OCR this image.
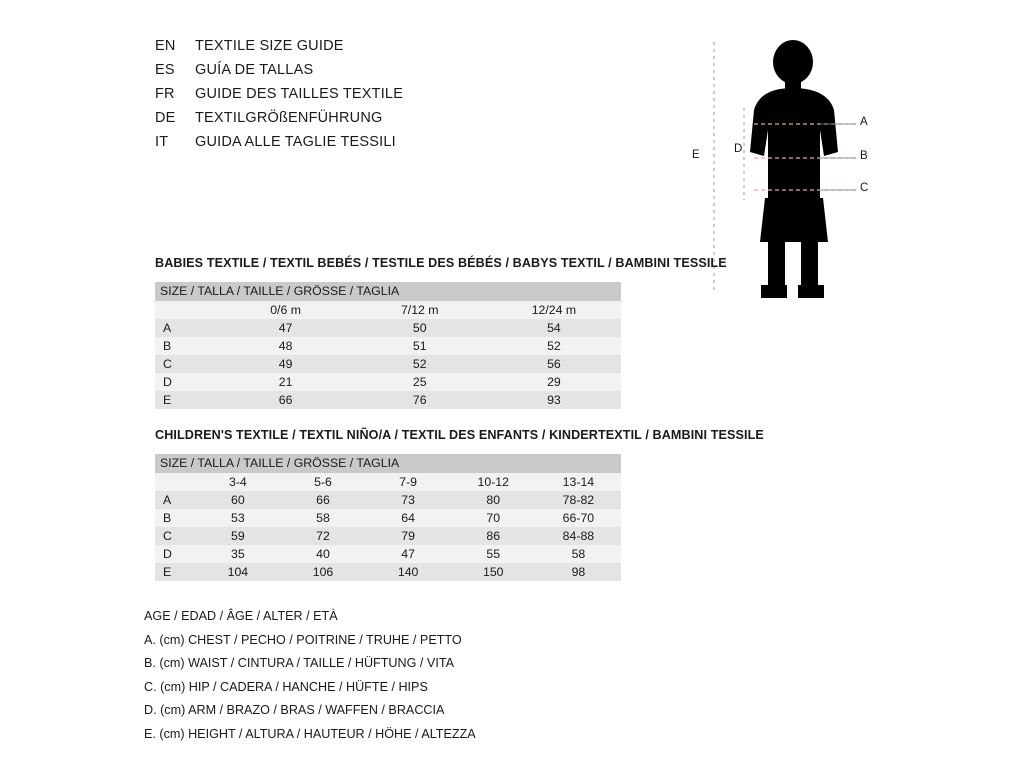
EN	TEXTILE SIZE GUIDE
ES	GUÍA DE TALLAS
FR	GUIDE DES TAILLES TEXTILE
DE	TEXTILGRÖßENFÜHRUNG
IT	GUIDA ALLE TAGLIE TESSILI
A
B
C
D
E
BABIES TEXTILE / TEXTIL BEBÉS / TESTILE DES BÉBÉS / BABYS TEXTIL / BAMBINI TESSILE
SIZE / TALLA / TAILLE / GRÖSSE / TAGLIA			
	0/6 m	7/12 m	12/24 m
A	47	50	54
B	48	51	52
C	49	52	56
D	21	25	29
E	66	76	93
CHILDREN'S TEXTILE / TEXTIL NIÑO/A / TEXTIL DES ENFANTS / KINDERTEXTIL / BAMBINI TESSILE
SIZE / TALLA / TAILLE / GRÖSSE / TAGLIA					
	3-4	5-6	7-9	10-12	13-14
A	60	66	73	80	78-82
B	53	58	64	70	66-70
C	59	72	79	86	84-88
D	35	40	47	55	58
E	104	106	140	150	98
AGE / EDAD / ÂGE / ALTER / ETÀ
A. (cm) CHEST / PECHO / POITRINE / TRUHE / PETTO
B. (cm) WAIST / CINTURA / TAILLE / HÜFTUNG / VITA
C. (cm) HIP / CADERA / HANCHE / HÜFTE / HIPS
D. (cm) ARM / BRAZO / BRAS / WAFFEN / BRACCIA
E. (cm) HEIGHT / ALTURA / HAUTEUR / HÖHE / ALTEZZA
